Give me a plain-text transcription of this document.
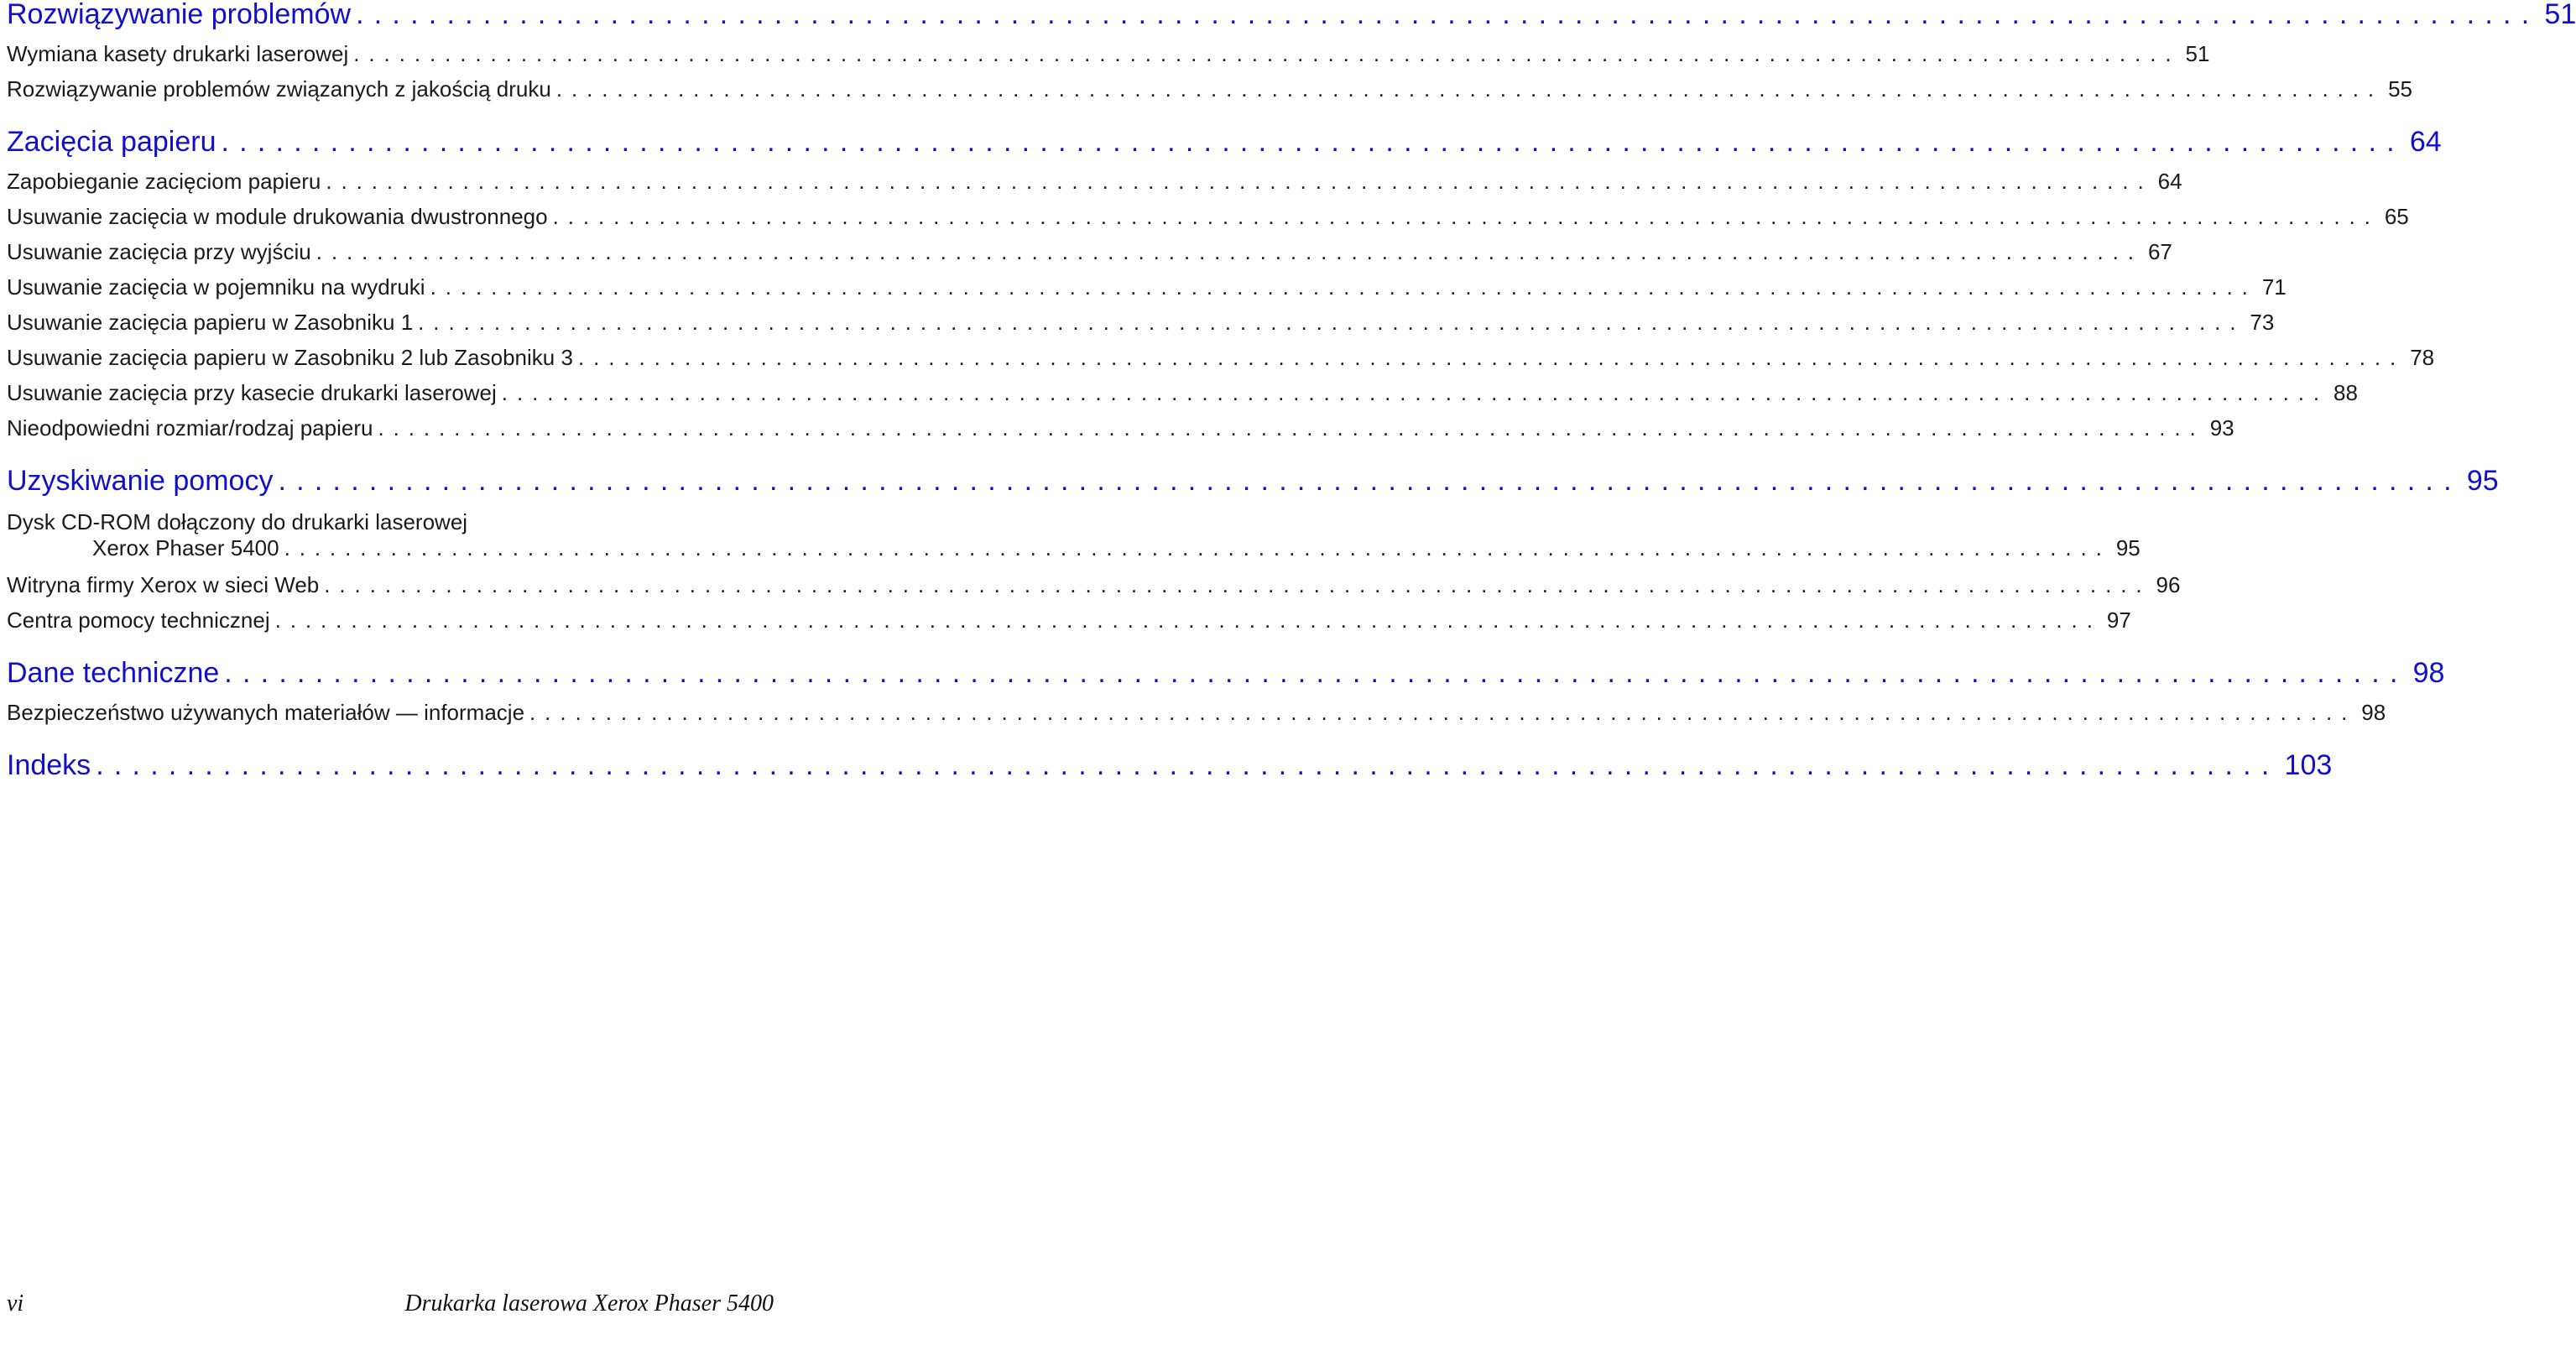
Rozwiązywanie problemów ........................................................................................................................ 51
Wymiana kasety drukarki laserowej ........................................................................................................................ 51
Rozwiązywanie problemów związanych z jakością druku ........................................................................................................................ 55
Zacięcia papieru ........................................................................................................................ 64
Zapobieganie zacięciom papieru ........................................................................................................................ 64
Usuwanie zacięcia w module drukowania dwustronnego ........................................................................................................................ 65
Usuwanie zacięcia przy wyjściu ........................................................................................................................ 67
Usuwanie zacięcia w pojemniku na wydruki ........................................................................................................................ 71
Usuwanie zacięcia papieru w Zasobniku 1 ........................................................................................................................ 73
Usuwanie zacięcia papieru w Zasobniku 2 lub Zasobniku 3 ........................................................................................................................ 78
Usuwanie zacięcia przy kasecie drukarki laserowej ........................................................................................................................ 88
Nieodpowiedni rozmiar/rodzaj papieru ........................................................................................................................ 93
Uzyskiwanie pomocy ........................................................................................................................ 95
Dysk CD-ROM dołączony do drukarki laserowej
Xerox Phaser 5400 ........................................................................................................................ 95
Witryna firmy Xerox w sieci Web ........................................................................................................................ 96
Centra pomocy technicznej ........................................................................................................................ 97
Dane techniczne ........................................................................................................................ 98
Bezpieczeństwo używanych materiałów — informacje ........................................................................................................................ 98
Indeks ........................................................................................................................ 103
vi	Drukarka laserowa Xerox Phaser 5400
